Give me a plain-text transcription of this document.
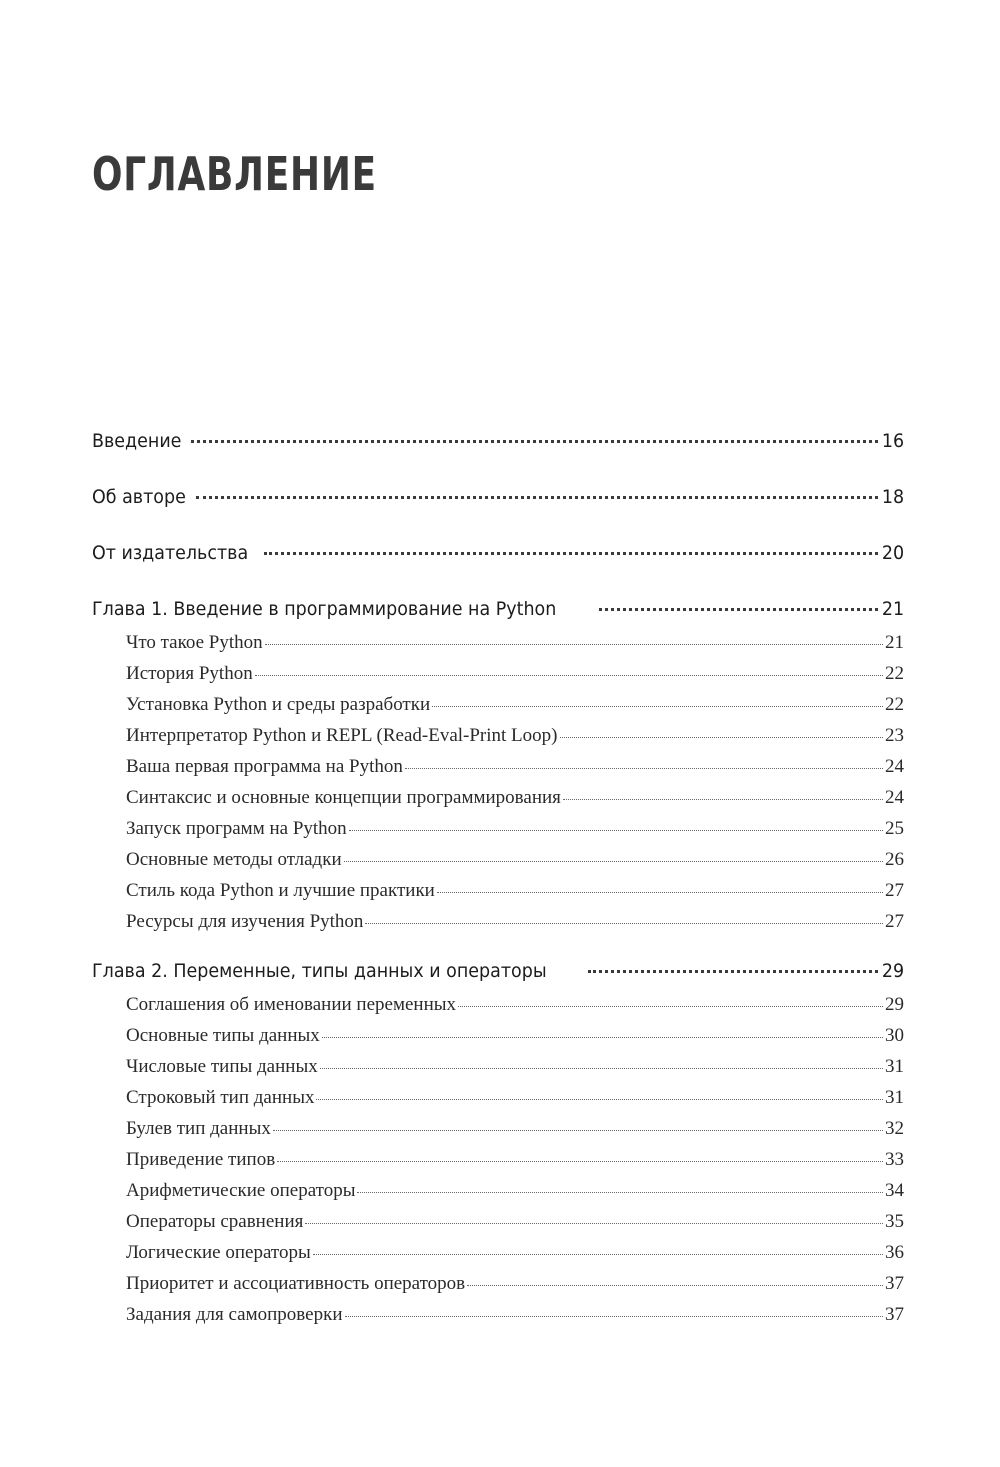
ОГЛАВЛЕНИЕ
Введение	16
Об авторе	18
От издательства	20
Глава 1. Введение в программирование на Python	21
Что такое Python	21
История Python	22
Установка Python и среды разработки	22
Интерпретатор Python и REPL (Read-Eval-Print Loop)	23
Ваша первая программа на Python	24
Синтаксис и основные концепции программирования	24
Запуск программ на Python	25
Основные методы отладки	26
Стиль кода Python и лучшие практики	27
Ресурсы для изучения Python	27
Глава 2. Переменные, типы данных и операторы	29
Соглашения об именовании переменных	29
Основные типы данных	30
Числовые типы данных	31
Строковый тип данных	31
Булев тип данных	32
Приведение типов	33
Арифметические операторы	34
Операторы сравнения	35
Логические операторы	36
Приоритет и ассоциативность операторов	37
Задания для самопроверки	37
